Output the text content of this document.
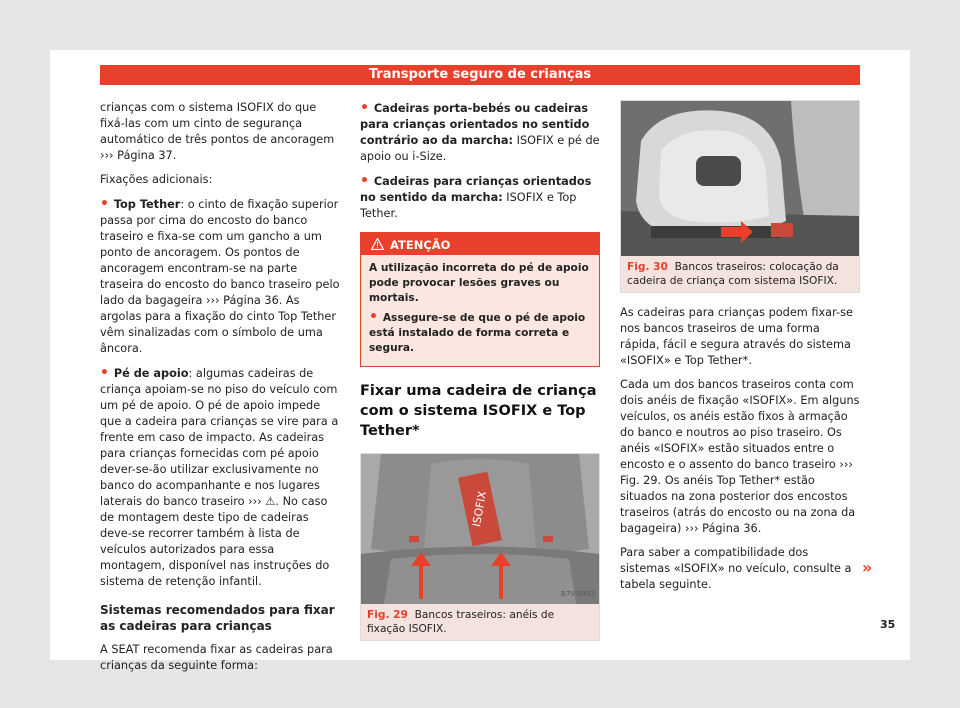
Transporte seguro de crianças

crianças com o sistema ISOFIX do que fixá-las com um cinto de segurança automático de três pontos de ancoragem ››› Página 37.

Fixações adicionais:

• Top Tether: o cinto de fixação superior passa por cima do encosto do banco traseiro e fixa-se com um gancho a um ponto de ancoragem. Os pontos de ancoragem encontram-se na parte traseira do encosto do banco traseiro pelo lado da bagageira ››› Página 36. As argolas para a fixação do cinto Top Tether vêm sinalizadas com o símbolo de uma âncora.

• Pé de apoio: algumas cadeiras de criança apoiam-se no piso do veículo com um pé de apoio. O pé de apoio impede que a cadeira para crianças se vire para a frente em caso de impacto. As cadeiras para crianças fornecidas com pé apoio dever-se-ão utilizar exclusivamente no banco do acompanhante e nos lugares laterais do banco traseiro ››› ⚠. No caso de montagem deste tipo de cadeiras deve-se recorrer também à lista de veículos autorizados para essa montagem, disponível nas instruções do sistema de retenção infantil.

Sistemas recomendados para fixar as cadeiras para crianças

A SEAT recomenda fixar as cadeiras para crianças da seguinte forma:

• Cadeiras porta-bebés ou cadeiras para crianças orientados no sentido contrário ao da marcha: ISOFIX e pé de apoio ou i-Size.

• Cadeiras para crianças orientados no sentido da marcha: ISOFIX e Top Tether.

ATENÇÃO

A utilização incorreta do pé de apoio pode provocar lesões graves ou mortais.

• Assegure-se de que o pé de apoio está instalado de forma correta e segura.

Fixar uma cadeira de criança com o sistema ISOFIX e Top Tether*
ISOFIX
B7V-0952
Fig. 29 Bancos traseiros: anéis de fixação ISOFIX.
B5T-0359
Fig. 30 Bancos traseiros: colocação da cadeira de criança com sistema ISOFIX.

As cadeiras para crianças podem fixar-se nos bancos traseiros de uma forma rápida, fácil e segura através do sistema «ISOFIX» e Top Tether*.

Cada um dos bancos traseiros conta com dois anéis de fixação «ISOFIX». Em alguns veículos, os anéis estão fixos à armação do banco e noutros ao piso traseiro. Os anéis «ISOFIX» estão situados entre o encosto e o assento do banco traseiro ››› Fig. 29. Os anéis Top Tether* estão situados na zona posterior dos encostos traseiros (atrás do encosto ou na zona da bagageira) ››› Página 36.

Para saber a compatibilidade dos sistemas «ISOFIX» no veículo, consulte a tabela seguinte.

»
35
